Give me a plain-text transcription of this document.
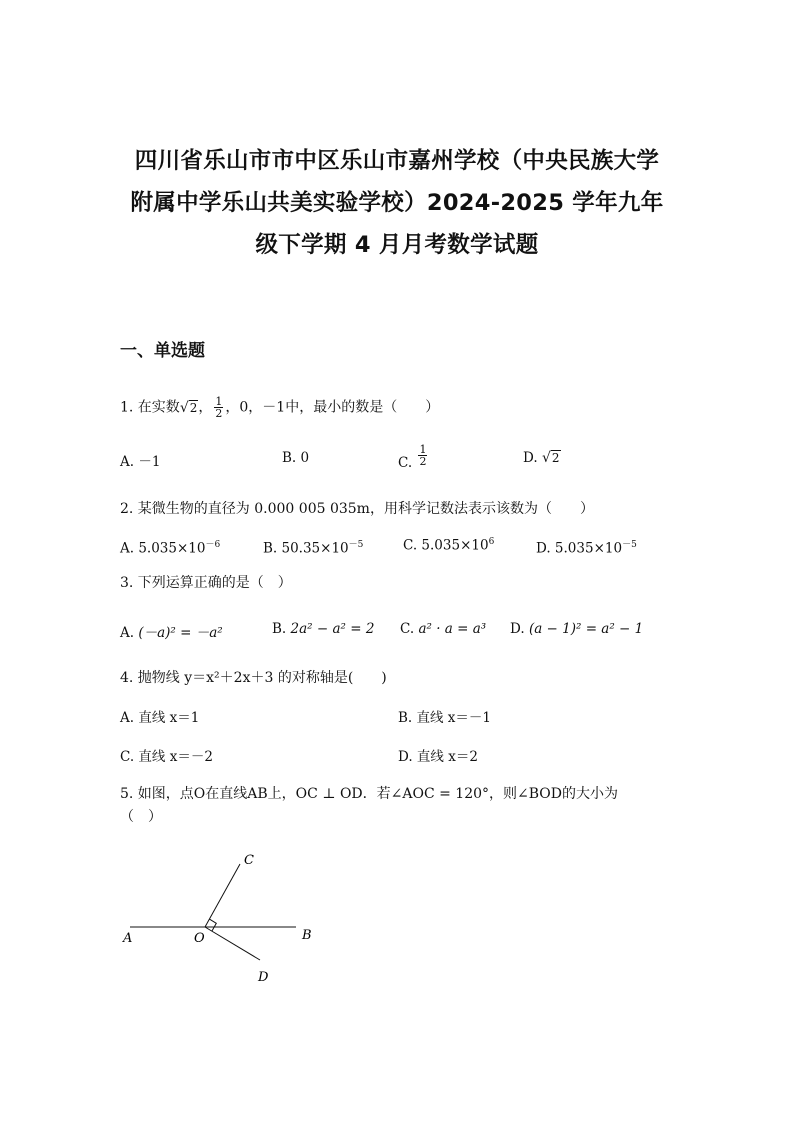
四川省乐山市市中区乐山市嘉州学校（中央民族大学
附属中学乐山共美实验学校）2024-2025 学年九年
级下学期 4 月月考数学试题
一、单选题
1. 在实数√2， $\frac{1}{2}$ ，0，－1中，最小的数是（　　）
A. －1	B. 0	C. $\frac{1}{2}$	D. √2
2. 某微生物的直径为 0.000 005 035m，用科学记数法表示该数为（　　）
A. $5.035\times 10^{-6}$	B. $50.35\times 10^{-5}$	C. $5.035\times 10^6$	D. $5.035\times 10^{-5}$
3. 下列运算正确的是（　）
A. (－a)² = －a²	B. 2a² − a² = 2 C. a² · a = a³ D. (a − 1)² = a² − 1
4. 抛物线 y＝x²＋2x＋3 的对称轴是(　　)
A. 直线 x＝1	B. 直线 x＝－1
C. 直线 x＝－2	D. 直线 x＝2
5. 如图，点O在直线AB上，OC ⊥ OD．若∠AOC = 120°，则∠BOD的大小为
（　）
C
A	O	B
D
